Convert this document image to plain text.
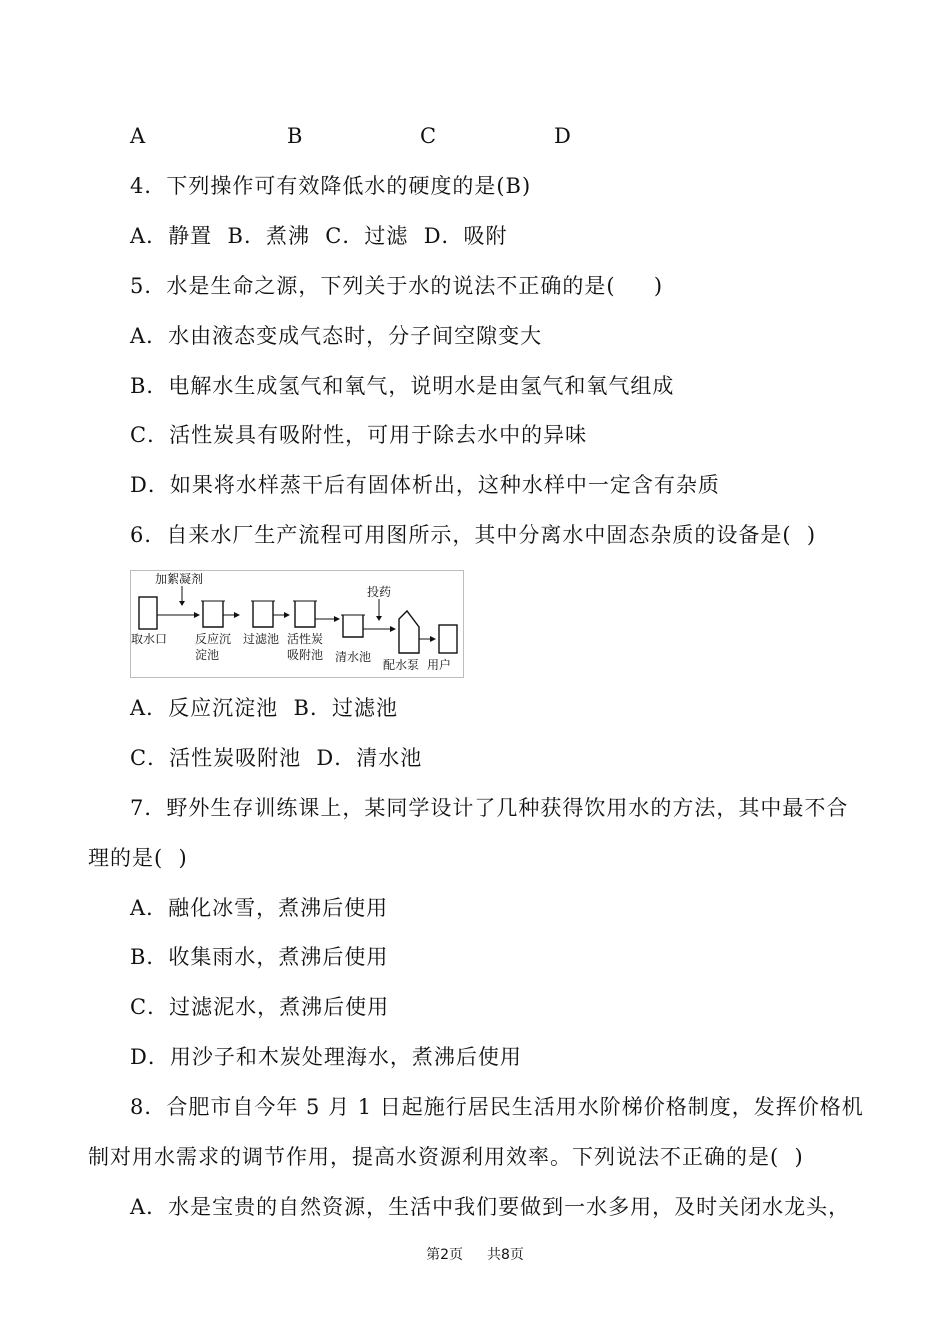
A	B	C	D
4．下列操作可有效降低水的硬度的是(B)
A．静置  B．煮沸  C．过滤  D．吸附
5．水是生命之源，下列关于水的说法不正确的是(     )
A．水由液态变成气态时，分子间空隙变大
B．电解水生成氢气和氧气，说明水是由氢气和氧气组成
C．活性炭具有吸附性，可用于除去水中的异味
D．如果将水样蒸干后有固体析出，这种水样中一定含有杂质
6．自来水厂生产流程可用图所示，其中分离水中固态杂质的设备是(  )
加絮凝剂
取水口 反应沉
淀池
过滤池 活性炭
吸附池 清水池
投药
配水泵 用户
A．反应沉淀池  B．过滤池
C．活性炭吸附池  D．清水池
7．野外生存训练课上，某同学设计了几种获得饮用水的方法，其中最不合
理的是(  )
A．融化冰雪，煮沸后使用
B．收集雨水，煮沸后使用
C．过滤泥水，煮沸后使用
D．用沙子和木炭处理海水，煮沸后使用
8．合肥市自今年 5 月 1 日起施行居民生活用水阶梯价格制度，发挥价格机
制对用水需求的调节作用，提高水资源利用效率。下列说法不正确的是(  )
A．水是宝贵的自然资源，生活中我们要做到一水多用，及时关闭水龙头，
第2页 共8页
